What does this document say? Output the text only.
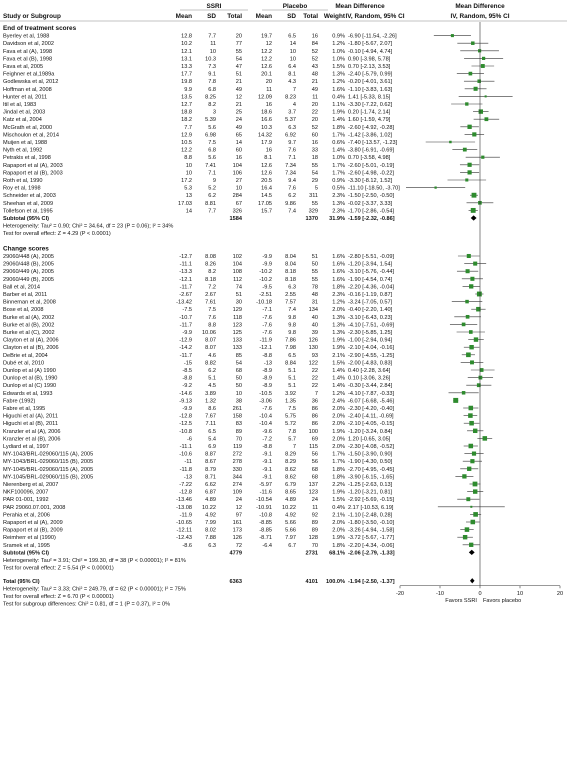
SSRI	Placebo	Mean Difference	Mean Difference
Study or Subgroup	Mean SD Total Mean SD Total Weight IV, Random, 95% CI	IV, Random, 95% CI
End of treatment scores
Byerley et al, 1988	12.8	7.7	20	19.7	6.5	16	0.9% -6.90 [-11.54, -2.26]
Davidson et al, 2002	10.2	11	77	12	14	84	1.2% -1.80 [-5.67, 2.07]
Fava et al (A), 1998	12.1	10	55	12.2	10	52	1.0% -0.10 [-4.94, 4.74]
Fava et al (B), 1998	13.1 10.3	54	12.2	10	52	1.0% 0.90 [-3.98, 5.78]
Fava et al, 2005	13.3	7.3	47	12.6	6.4	43	1.5% 0.70 [-2.13, 3.53]
Feighner et al,1989a	17.7	9.1	51	20.1	8.1	48	1.3% -2.40 [-5.79, 0.99]
Godlewska et al, 2012	19.8	7.8	21	20	4.3	21	1.2% -0.20 [-4.01, 3.61]
Hoffman et al, 2008	9.9	6.8	49	11	7	49	1.6% -1.10 [-3.83, 1.63]
Hunter et al, 2011	13.5 8.25	12	12.09 8.23	11	0.4% 1.41 [-5.33, 8.15]
Itil et al, 1983	12.7	8.2	21	16	4	20	1.1% -3.30 [-7.22, 0.62]
Jindal et al, 2003	18.8	3	25	18.6	3.7	22	1.9% 0.20 [-1.74, 2.14]
Katz et al, 2004	18.2 5.39	24	16.6 5.37	20	1.4% 1.60 [-1.59, 4.79]
McGrath et al, 2000	7.7	5.6	49	10.3	6.3	52	1.8% -2.60 [-4.92, -0.28]
Mischoulon et al, 2014	12.9 6.98	65	14.32 6.92	60	1.7% -1.42 [-3.86, 1.02]
Muijen et al, 1988	10.5	7.5	14	17.9	9.7	16	0.6% -7.40 [-13.57, -1.23]
Nyth et al, 1992	12.2	6.8	60	16	7.6	33	1.4% -3.80 [-6.91, -0.69]
Petrakis et al, 1998	8.8	5.6	16	8.1	7.1	18	1.0% 0.70 [-3.58, 4.98]
Rapaport et al (A), 2003	10 7.41	104	12.6 7.34	55	1.7% -2.60 [-5.01, -0.19]
Rapaport et al (B), 2003	10	7.1	106	12.6 7.34	54	1.7% -2.60 [-4.98, -0.22]
Roth et al, 1990	17.2	9	27	20.5	9.4	29	0.9% -3.30 [-8.12, 1.52]
Roy et al, 1998	5.3	5.2	10	16.4	7.6	5	0.5% -11.10 [-18.50, -3.70]
Schneider et al, 2003	13	6.2	284	14.5	6.2 311	2.3% -1.50 [-2.50, -0.50]
Sheehan et al, 2009	17.03 8.81	67	17.05 9.86	55	1.3% -0.02 [-3.37, 3.33]
Tollefson et al, 1995	14	7.7	326	15.7	7.4 329	2.3% -1.70 [-2.86, -0.54]
Subtotal (95% CI)	1584	1370 31.9% -1.59 [-2.32, -0.86]
Heterogeneity: Tau² = 0.90; Chi² = 34.64, df = 23 (P = 0.06); I² = 34%
Test for overall effect: Z = 4.29 (P < 0.0001)
Change scores
29060/448 (A), 2005	-12.7 8.08	102	-9.9 8.04	51	1.6% -2.80 [-5.51, -0.09]
29060/448 (B), 2005	-11.1 8.26	104	-9.9 8.04	50	1.6% -1.20 [-3.94, 1.54]
29060/449 (A), 2005	-13.3	8.2	108	-10.2 8.18	55	1.6% -3.10 [-5.76, -0.44]
29060/449 (B), 2005	-12.1 8.18	112	-10.2 8.18	55	1.6% -1.90 [-4.54, 0.74]
Ball et al, 2014	-11.7	7.2	74	-9.5	6.3	78	1.8% -2.20 [-4.36, -0.04]
Barber et al, 2011	-2.67 2.67	51	-2.51 2.55	48	2.3% -0.16 [-1.19, 0.87]
Binneman et al, 2008	-13.42 7.61	30	-10.18 7.57	31	1.2% -3.24 [-7.05, 0.57]
Bose et al, 2008	-7.5	7.5	129	-7.1	7.4 134	2.0% -0.40 [-2.20, 1.40]
Burke et al (A), 2002	-10.7	7.6	118	-7.6	9.8	40	1.3% -3.10 [-6.43, 0.23]
Burke et al (B), 2002	-11.7	8.8	123	-7.6	9.8	40	1.3% -4.10 [-7.51, -0.69]
Burke et al (C), 2002	-9.9 10.06	125	-7.6	9.8	39	1.3% -2.30 [-5.85, 1.25]
Clayton et al (A), 2006	-12.9 8.07	133	-11.9 7.86 126	1.9% -1.00 [-2.94, 0.94]
Clayton et al (B), 2006	-14.2 8.07	133	-12.1 7.98 130	1.9% -2.10 [-4.04, -0.16]
DeBrie et al, 2004	-11.7	4.6	85	-8.8	6.5	93	2.1% -2.90 [-4.55, -1.25]
Dubé et al, 2010	-15 8.82	54	-13 8.84 122	1.5% -2.00 [-4.83, 0.83]
Dunlop et al (A) 1990	-8.5	6.2	68	-8.9	5.1	22	1.4% 0.40 [-2.28, 3.64]
Dunlop et al (B), 1990	-8.8	5.1	50	-8.9	5.1	22	1.4% 0.10 [-3.06, 3.26]
Dunlop et al (C) 1990	-9.2	4.5	50	-8.9	5.1	22	1.4% -0.30 [-3.44, 2.84]
Edwards et al, 1993	-14.6 3.89	10	-10.5 3.92	7	1.2% -4.10 [-7.87, -0.33]
Fabre (1992)	-9.13 1.32	38	-3.06 1.35	36	2.4% -6.07 [-6.68, -5.46]
Fabre et al, 1995	-9.9	8.6	261	-7.6	7.5	86	2.0% -2.30 [-4.20, -0.40]
Higuchi et al (A), 2011	-12.8 7.67	158	-10.4 5.75	86	2.0% -2.40 [-4.11, -0.69]
Higuchi et al (B), 2011	-12.5 7.11	83	-10.4 5.72	86	2.0% -2.10 [-4.05, -0.15]
Kranzler et al (A), 2006	-10.8	6.5	89	-9.6	7.8 100	1.9% -1.20 [-3.24, 0.84]
Kranzler et al (B), 2006	-6	5.4	70	-7.2	5.7	69	2.0% 1.20 [-0.65, 3.05]
Lydiard et al, 1997	-11.1	6.9	119	-8.8	7 115	2.0% -2.30 [-4.08, -0.52]
MY-1043/BRL-029060/115 (A), 2005	-10.6 8.87	272	-9.1 8.29	56	1.7% -1.50 [-3.90, 0.90]
MY-1043/BRL-029060/115 (B), 2005	-11 8.67	278	-9.1 8.29	56	1.7% -1.90 [-4.30, 0.50]
MY-1045/BRL-029060/115 (A), 2005	-11.8 8.79	330	-9.1 8.62	68	1.8% -2.70 [-4.95, -0.45]
MY-1045/BRL-029060/115 (B), 2005	-13 8.71	344	-9.1 8.62	68	1.8% -3.90 [-6.15, -1.65]
Nierenberg et al, 2007	-7.22 6.62	274	-5.97 6.79 137	2.2% -1.25 [-2.63, 0.13]
NKF100096, 2007	-12.8 6.87	109	-11.6 8.65 123	1.9% -1.20 [-3.21, 0.81]
PAR 01-001, 1992	-13.46 4.89	24	-10.54 4.89	24	1.5% -2.92 [-5.69, -0.15]
PAR 29060.07.001, 2008	-13.08 10.22	12	-10.91 10.22	11	0.4% 2.17 [-10.53, 6.19]
Perahia et al, 2006	-11.9 4.92	97	-10.8 4.92	92	2.1% -1.10 [-2.48, 0.28]
Rapaport et al (A), 2009	-10.65 7.99	161	-8.85 5.66	89	2.0% -1.80 [-3.50, -0.10]
Rapaport et al (B), 2009	-12.11 8.02	173	-8.85 5.66	89	2.0% -3.26 [-4.94, -1.58]
Reimherr et al (1990)	-12.43 7.88	126	-8.71 7.97 128	1.9% -3.72 [-5.67, -1.77]
Sramek et al, 1995	-8.6	6.3	72	-6.4	6.7	70	1.8% -2.20 [-4.34, -0.06]
Subtotal (95% CI)	4779	2731 68.1% -2.06 [-2.79, -1.33]
Heterogeneity: Tau² = 3.91; Chi² = 199.30, df = 38 (P < 0.00001); I² = 81%
Test for overall effect: Z = 5.54 (P < 0.00001)
Total (95% CI)	6363	4101 100.0% -1.94 [-2.50, -1.37]
Heterogeneity: Tau² = 3.33; Chi² = 249.79, df = 62 (P < 0.00001); I² = 75%
Test for overall effect: Z = 6.70 (P < 0.00001)
Test for subgroup differences: Chi² = 0.81, df = 1 (P = 0.37), I² = 0%
-20	-10	0	10	20
Favors SSRI Favors placebo
